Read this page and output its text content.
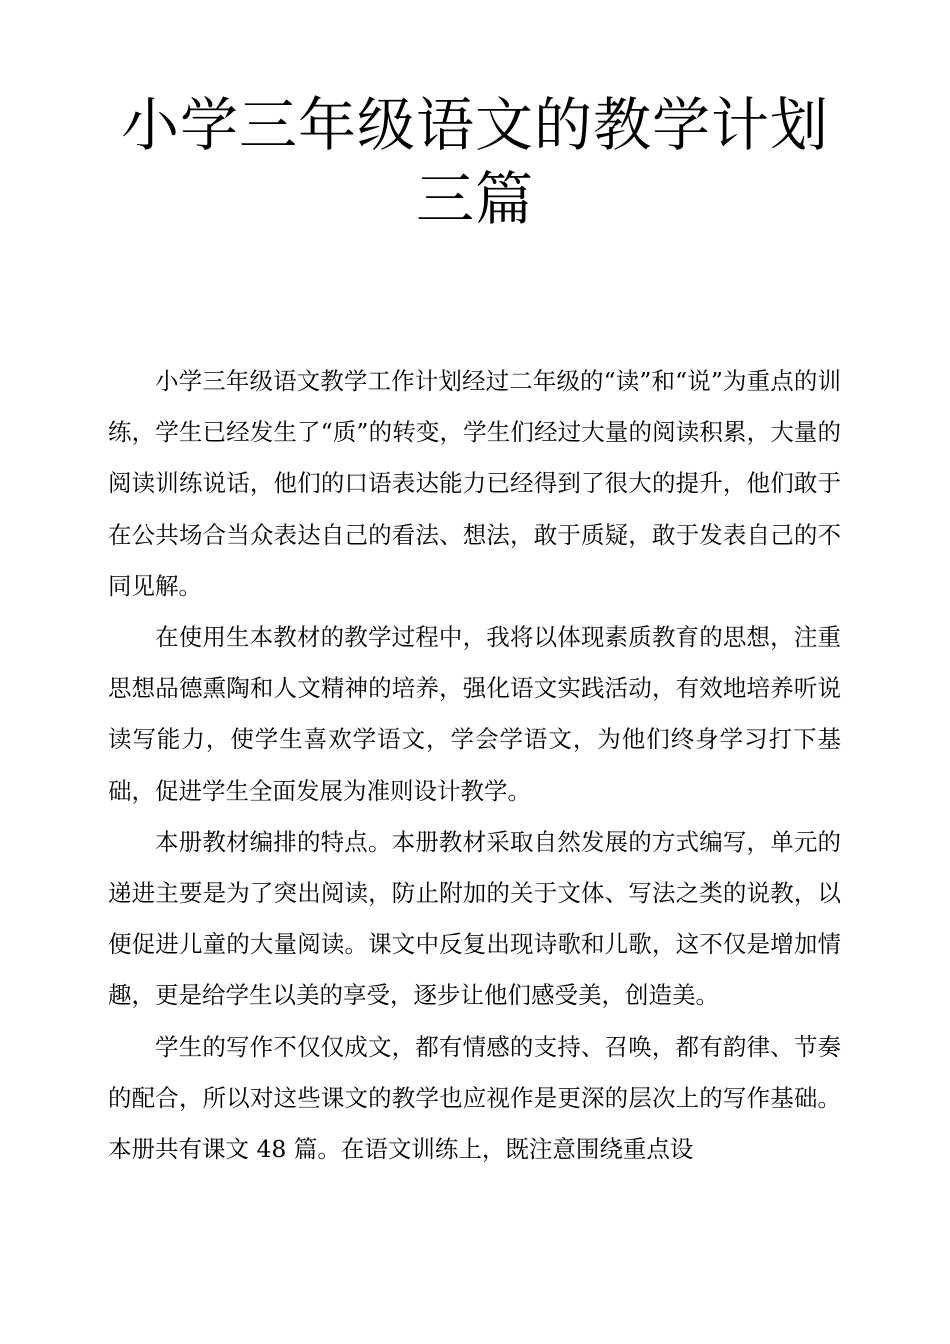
小学三年级语文的教学计划
三篇

小学三年级语文教学工作计划经过二年级的“读”和“说”为重点的训练，学生已经发生了“质”的转变，学生们经过大量的阅读积累，大量的阅读训练说话，他们的口语表达能力已经得到了很大的提升，他们敢于在公共场合当众表达自己的看法、想法，敢于质疑，敢于发表自己的不同见解。

在使用生本教材的教学过程中，我将以体现素质教育的思想，注重思想品德熏陶和人文精神的培养，强化语文实践活动，有效地培养听说读写能力，使学生喜欢学语文，学会学语文，为他们终身学习打下基础，促进学生全面发展为准则设计教学。

本册教材编排的特点。本册教材采取自然发展的方式编写，单元的递进主要是为了突出阅读，防止附加的关于文体、写法之类的说教，以便促进儿童的大量阅读。课文中反复出现诗歌和儿歌，这不仅是增加情趣，更是给学生以美的享受，逐步让他们感受美，创造美。

学生的写作不仅仅成文，都有情感的支持、召唤，都有韵律、节奏的配合，所以对这些课文的教学也应视作是更深的层次上的写作基础。本册共有课文 48 篇。在语文训练上，既注意围绕重点设
